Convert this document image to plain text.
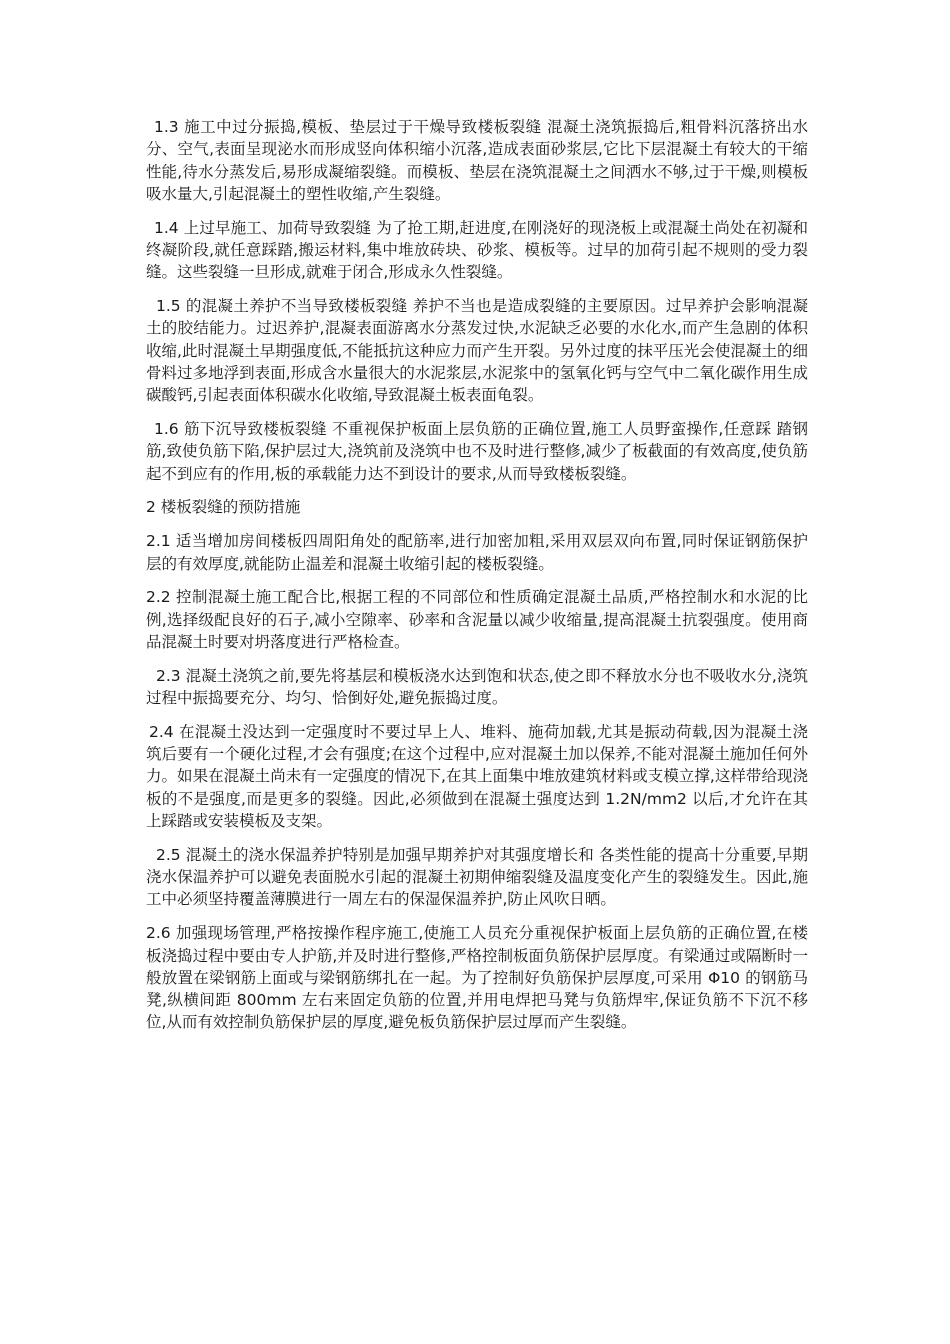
1.3 施工中过分振捣,模板、垫层过于干燥导致楼板裂缝 混凝土浇筑振捣后,粗骨料沉落挤出水分、空气,表面呈现泌水而形成竖向体积缩小沉落,造成表面砂浆层,它比下层混凝土有较大的干缩性能,待水分蒸发后,易形成凝缩裂缝。而模板、垫层在浇筑混凝土之间洒水不够,过于干燥,则模板吸水量大,引起混凝土的塑性收缩,产生裂缝。

1.4 上过早施工、加荷导致裂缝 为了抢工期,赶进度,在刚浇好的现浇板上或混凝土尚处在初凝和终凝阶段,就任意踩踏,搬运材料,集中堆放砖块、砂浆、模板等。过早的加荷引起不规则的受力裂缝。这些裂缝一旦形成,就难于闭合,形成永久性裂缝。

1.5 的混凝土养护不当导致楼板裂缝 养护不当也是造成裂缝的主要原因。过早养护会影响混凝土的胶结能力。过迟养护,混凝表面游离水分蒸发过快,水泥缺乏必要的水化水,而产生急剧的体积收缩,此时混凝土早期强度低,不能抵抗这种应力而产生开裂。另外过度的抹平压光会使混凝土的细骨料过多地浮到表面,形成含水量很大的水泥浆层,水泥浆中的氢氧化钙与空气中二氧化碳作用生成碳酸钙,引起表面体积碳水化收缩,导致混凝土板表面龟裂。

1.6 筋下沉导致楼板裂缝 不重视保护板面上层负筋的正确位置,施工人员野蛮操作,任意踩 踏钢筋,致使负筋下陷,保护层过大,浇筑前及浇筑中也不及时进行整修,减少了板截面的有效高度,使负筋起不到应有的作用,板的承载能力达不到设计的要求,从而导致楼板裂缝。

2 楼板裂缝的预防措施

2.1 适当增加房间楼板四周阳角处的配筋率,进行加密加粗,采用双层双向布置,同时保证钢筋保护层的有效厚度,就能防止温差和混凝土收缩引起的楼板裂缝。

2.2 控制混凝土施工配合比,根据工程的不同部位和性质确定混凝土品质,严格控制水和水泥的比例,选择级配良好的石子,减小空隙率、砂率和含泥量以减少收缩量,提高混凝土抗裂强度。使用商品混凝土时要对坍落度进行严格检查。

2.3 混凝土浇筑之前,要先将基层和模板浇水达到饱和状态,使之即不释放水分也不吸收水分,浇筑过程中振捣要充分、均匀、恰倒好处,避免振捣过度。

2.4 在混凝土没达到一定强度时不要过早上人、堆料、施荷加载,尤其是振动荷载,因为混凝土浇筑后要有一个硬化过程,才会有强度;在这个过程中,应对混凝土加以保养,不能对混凝土施加任何外力。如果在混凝土尚未有一定强度的情况下,在其上面集中堆放建筑材料或支模立撑,这样带给现浇板的不是强度,而是更多的裂缝。因此,必须做到在混凝土强度达到 1.2N/mm2 以后,才允许在其上踩踏或安装模板及支架。

2.5 混凝土的浇水保温养护特别是加强早期养护对其强度增长和 各类性能的提高十分重要,早期浇水保温养护可以避免表面脱水引起的混凝土初期伸缩裂缝及温度变化产生的裂缝发生。因此,施工中必须坚持覆盖薄膜进行一周左右的保湿保温养护,防止风吹日晒。

2.6 加强现场管理,严格按操作程序施工,使施工人员充分重视保护板面上层负筋的正确位置,在楼板浇捣过程中要由专人护筋,并及时进行整修,严格控制板面负筋保护层厚度。有梁通过或隔断时一般放置在梁钢筋上面或与梁钢筋绑扎在一起。为了控制好负筋保护层厚度,可采用 Φ10 的钢筋马凳,纵横间距 800mm 左右来固定负筋的位置,并用电焊把马凳与负筋焊牢,保证负筋不下沉不移位,从而有效控制负筋保护层的厚度,避免板负筋保护层过厚而产生裂缝。
